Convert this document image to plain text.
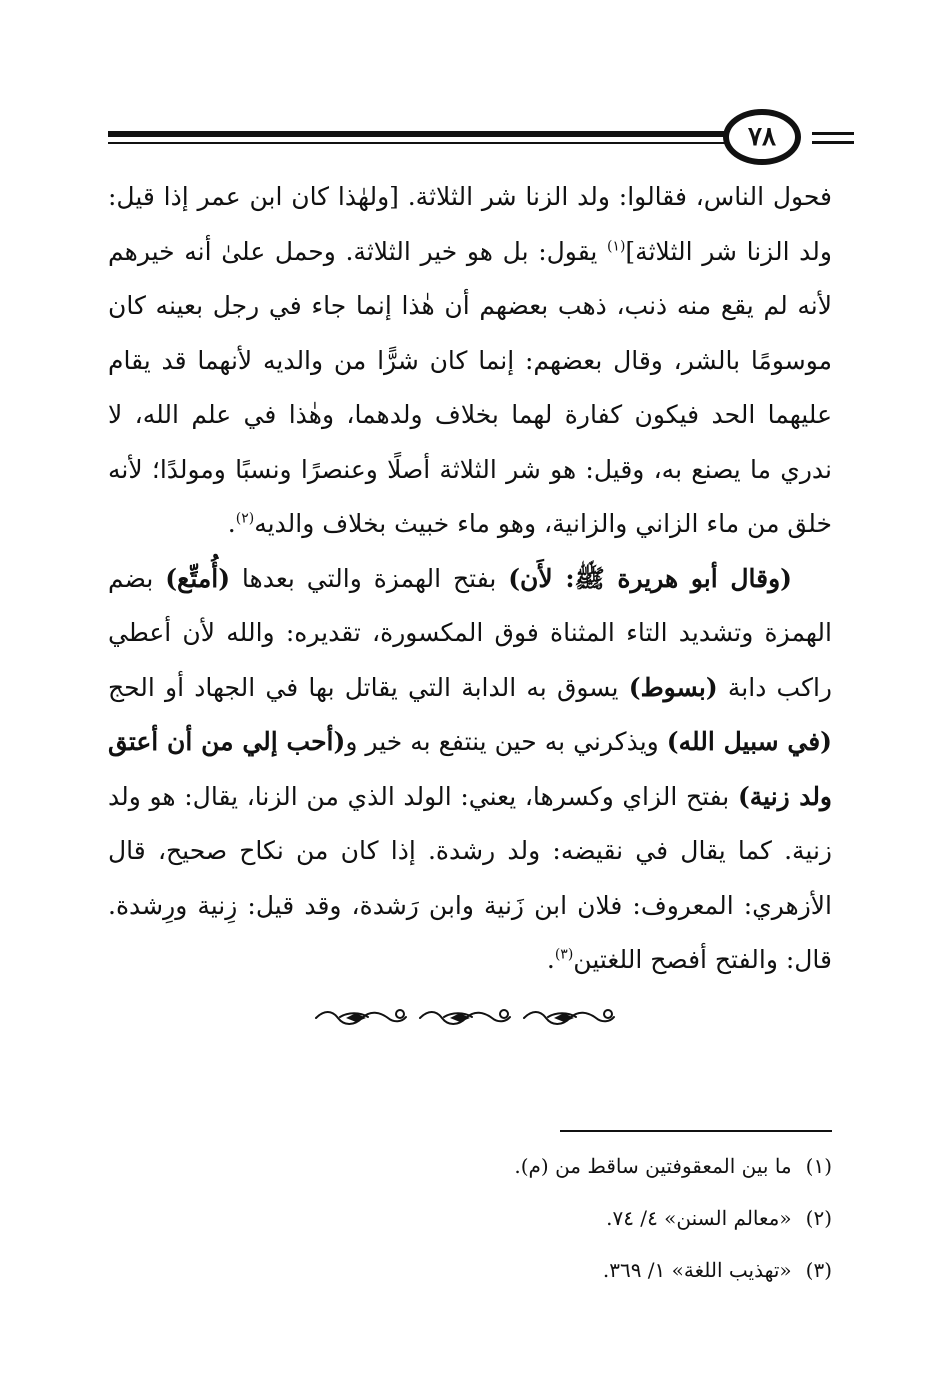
٧٨

فحول الناس، فقالوا: ولد الزنا شر الثلاثة. [ولهٰذا كان ابن عمر إذا قيل: ولد الزنا شر الثلاثة]$^{(١)}$ يقول: بل هو خير الثلاثة. وحمل علىٰ أنه خيرهم لأنه لم يقع منه ذنب، ذهب بعضهم أن هٰذا إنما جاء في رجل بعينه كان موسومًا بالشر، وقال بعضهم: إنما كان شرًّا من والديه لأنهما قد يقام عليهما الحد فيكون كفارة لهما بخلاف ولدهما، وهٰذا في علم الله، لا ندري ما يصنع به، وقيل: هو شر الثلاثة أصلًا وعنصرًا ونسبًا ومولدًا؛ لأنه خلق من ماء الزاني والزانية، وهو ماء خبيث بخلاف والديه$^{(٢)}$.

(وقال أبو هريرة ﷺ: لأَن) بفتح الهمزة والتي بعدها (أُمتِّع) بضم الهمزة وتشديد التاء المثناة فوق المكسورة، تقديره: والله لأن أعطي راكب دابة (بسوط) يسوق به الدابة التي يقاتل بها في الجهاد أو الحج (في سبيل الله) ويذكرني به حين ينتفع به خير و(أحب إلي من أن أعتق ولد زنية) بفتح الزاي وكسرها، يعني: الولد الذي من الزنا، يقال: هو ولد زنية. كما يقال في نقيضه: ولد رشدة. إذا كان من نكاح صحيح، قال الأزهري: المعروف: فلان ابن زَنية وابن رَشدة، وقد قيل: زِنية ورِشدة. قال: والفتح أفصح اللغتين$^{(٣)}$.

(١)ما بين المعقوفتين ساقط من (م).
(٢)«معالم السنن» ٤/ ٧٤.
(٣)«تهذيب اللغة» ١/ ٣٦٩.
